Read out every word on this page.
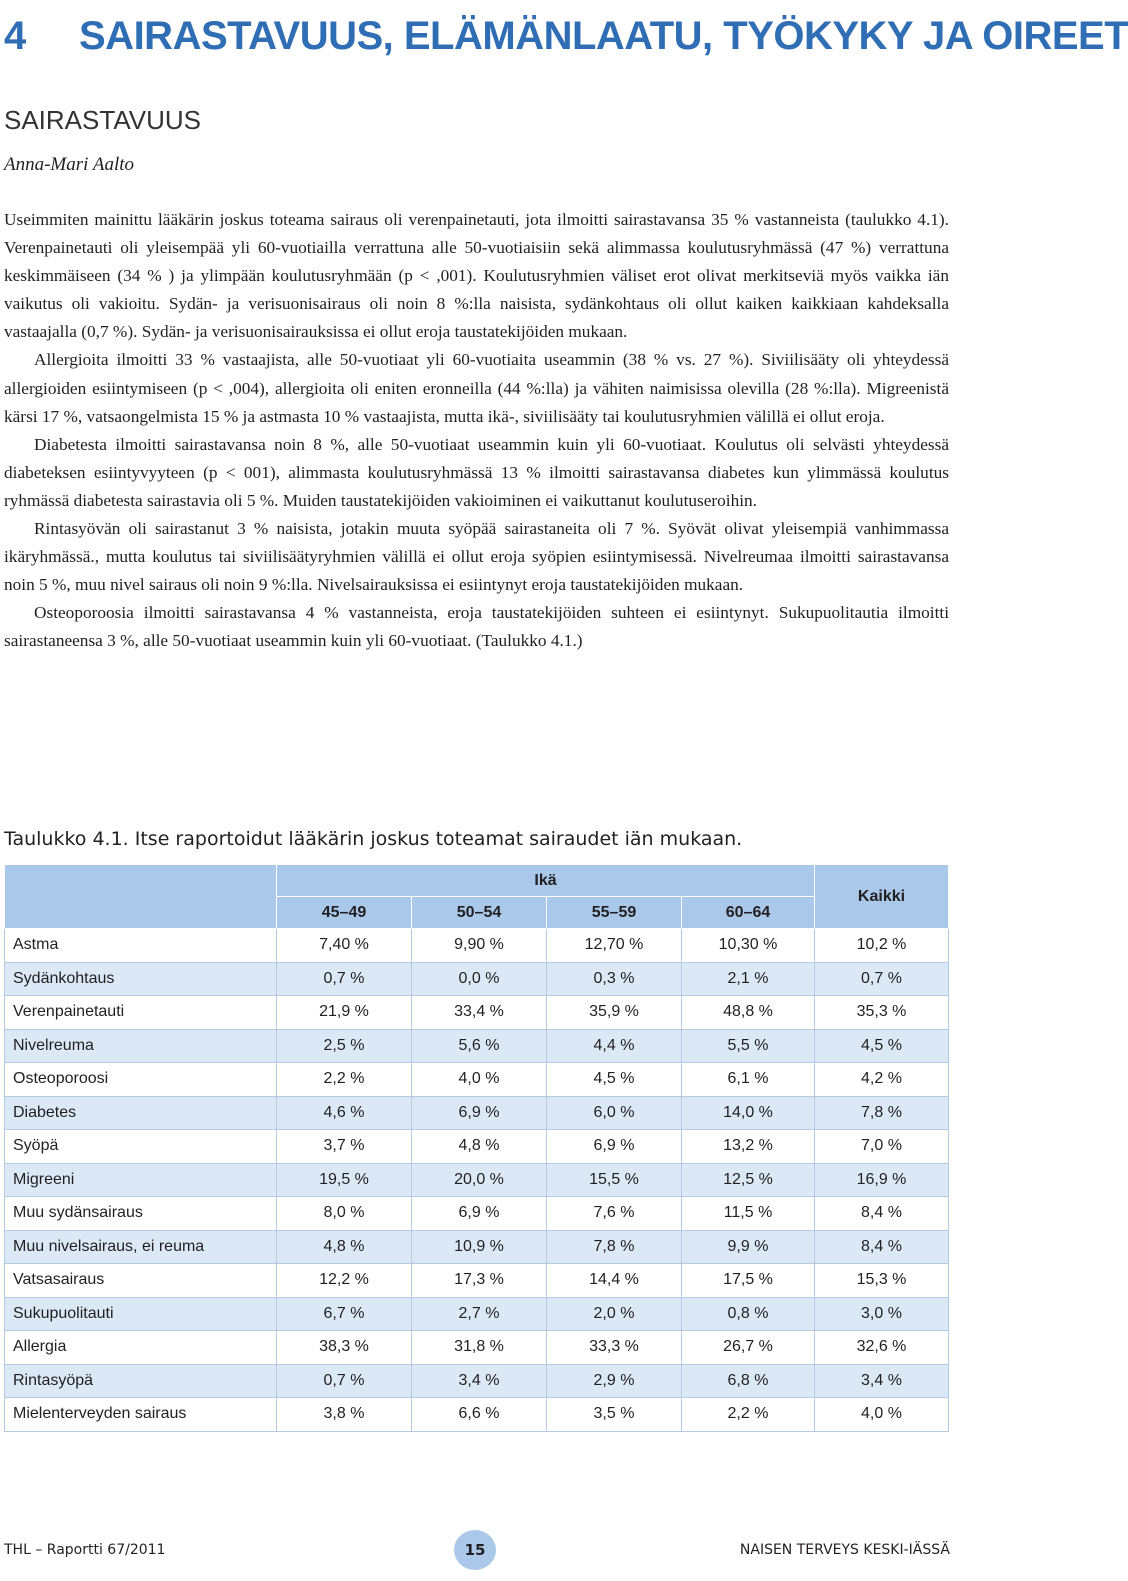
4 SAIRASTAVUUS, ELÄMÄNLAATU, TYÖKYKY JA OIREET
SAIRASTAVUUS

Anna-Mari Aalto

Useimmiten mainittu lääkärin joskus toteama sairaus oli verenpainetauti, jota ilmoitti sairastavansa 35 % vastanneista (taulukko 4.1). Verenpainetauti oli yleisempää yli 60-vuotiailla verrattuna alle 50-vuotiaisiin sekä alimmassa koulutusryhmässä (47 %) verrattuna keskimmäiseen (34 % ) ja ylimpään koulutusryhmään (p < ,001). Koulutusryhmien väliset erot olivat merkitseviä myös vaikka iän vaikutus oli vakioitu. Sydän- ja verisuonisairaus oli noin 8 %:lla naisista, sydänkohtaus oli ollut kaiken kaikkiaan kahdeksalla vastaajalla (0,7 %). Sydän- ja verisuonisairauksissa ei ollut eroja taustatekijöiden mukaan.

Allergioita ilmoitti 33 % vastaajista, alle 50-vuotiaat yli 60-vuotiaita useammin (38 % vs. 27 %). Siviilisääty oli yhteydessä allergioiden esiintymiseen (p < ,004), allergioita oli eniten eronneilla (44 %:lla) ja vähiten naimisissa olevilla (28 %:lla). Migreenistä kärsi 17 %, vatsaongelmista 15 % ja astmasta 10 % vastaajista, mutta ikä-, siviilisääty tai koulutusryhmien välillä ei ollut eroja.

Diabetesta ilmoitti sairastavansa noin 8 %, alle 50-vuotiaat useammin kuin yli 60-vuotiaat. Koulutus oli selvästi yhteydessä diabeteksen esiintyvyyteen (p < 001), alimmasta koulutusryhmässä 13 % ilmoitti sairastavansa diabetes kun ylimmässä koulutus ryhmässä diabetesta sairastavia oli 5 %. Muiden taustatekijöiden vakioiminen ei vaikuttanut koulutuseroihin.

Rintasyövän oli sairastanut 3 % naisista, jotakin muuta syöpää sairastaneita oli 7 %. Syövät olivat yleisempiä vanhimmassa ikäryhmässä., mutta koulutus tai siviilisäätyryhmien välillä ei ollut eroja syöpien esiintymisessä. Nivelreumaa ilmoitti sairastavansa noin 5 %, muu nivel sairaus oli noin 9 %:lla. Nivelsairauksissa ei esiintynyt eroja taustatekijöiden mukaan.

Osteoporoosia ilmoitti sairastavansa 4 % vastanneista, eroja taustatekijöiden suhteen ei esiintynyt. Sukupuolitautia ilmoitti sairastaneensa 3 %, alle 50-vuotiaat useammin kuin yli 60-vuotiaat. (Taulukko 4.1.)

Taulukko 4.1. Itse raportoidut lääkärin joskus toteamat sairaudet iän mukaan.

	Ikä				Kaikki
	45–49	50–54	55–59	60–64	
Astma	7,40 %	9,90 %	12,70 %	10,30 %	10,2 %
Sydänkohtaus	0,7 %	0,0 %	0,3 %	2,1 %	0,7 %
Verenpainetauti	21,9 %	33,4 %	35,9 %	48,8 %	35,3 %
Nivelreuma	2,5 %	5,6 %	4,4 %	5,5 %	4,5 %
Osteoporoosi	2,2 %	4,0 %	4,5 %	6,1 %	4,2 %
Diabetes	4,6 %	6,9 %	6,0 %	14,0 %	7,8 %
Syöpä	3,7 %	4,8 %	6,9 %	13,2 %	7,0 %
Migreeni	19,5 %	20,0 %	15,5 %	12,5 %	16,9 %
Muu sydänsairaus	8,0 %	6,9 %	7,6 %	11,5 %	8,4 %
Muu nivelsairaus, ei reuma	4,8 %	10,9 %	7,8 %	9,9 %	8,4 %
Vatsasairaus	12,2 %	17,3 %	14,4 %	17,5 %	15,3 %
Sukupuolitauti	6,7 %	2,7 %	2,0 %	0,8 %	3,0 %
Allergia	38,3 %	31,8 %	33,3 %	26,7 %	32,6 %
Rintasyöpä	0,7 %	3,4 %	2,9 %	6,8 %	3,4 %
Mielenterveyden sairaus	3,8 %	6,6 %	3,5 %	2,2 %	4,0 %
THL – Raportti 67/2011	15	NAISEN TERVEYS KESKI-IÄSSÄ
